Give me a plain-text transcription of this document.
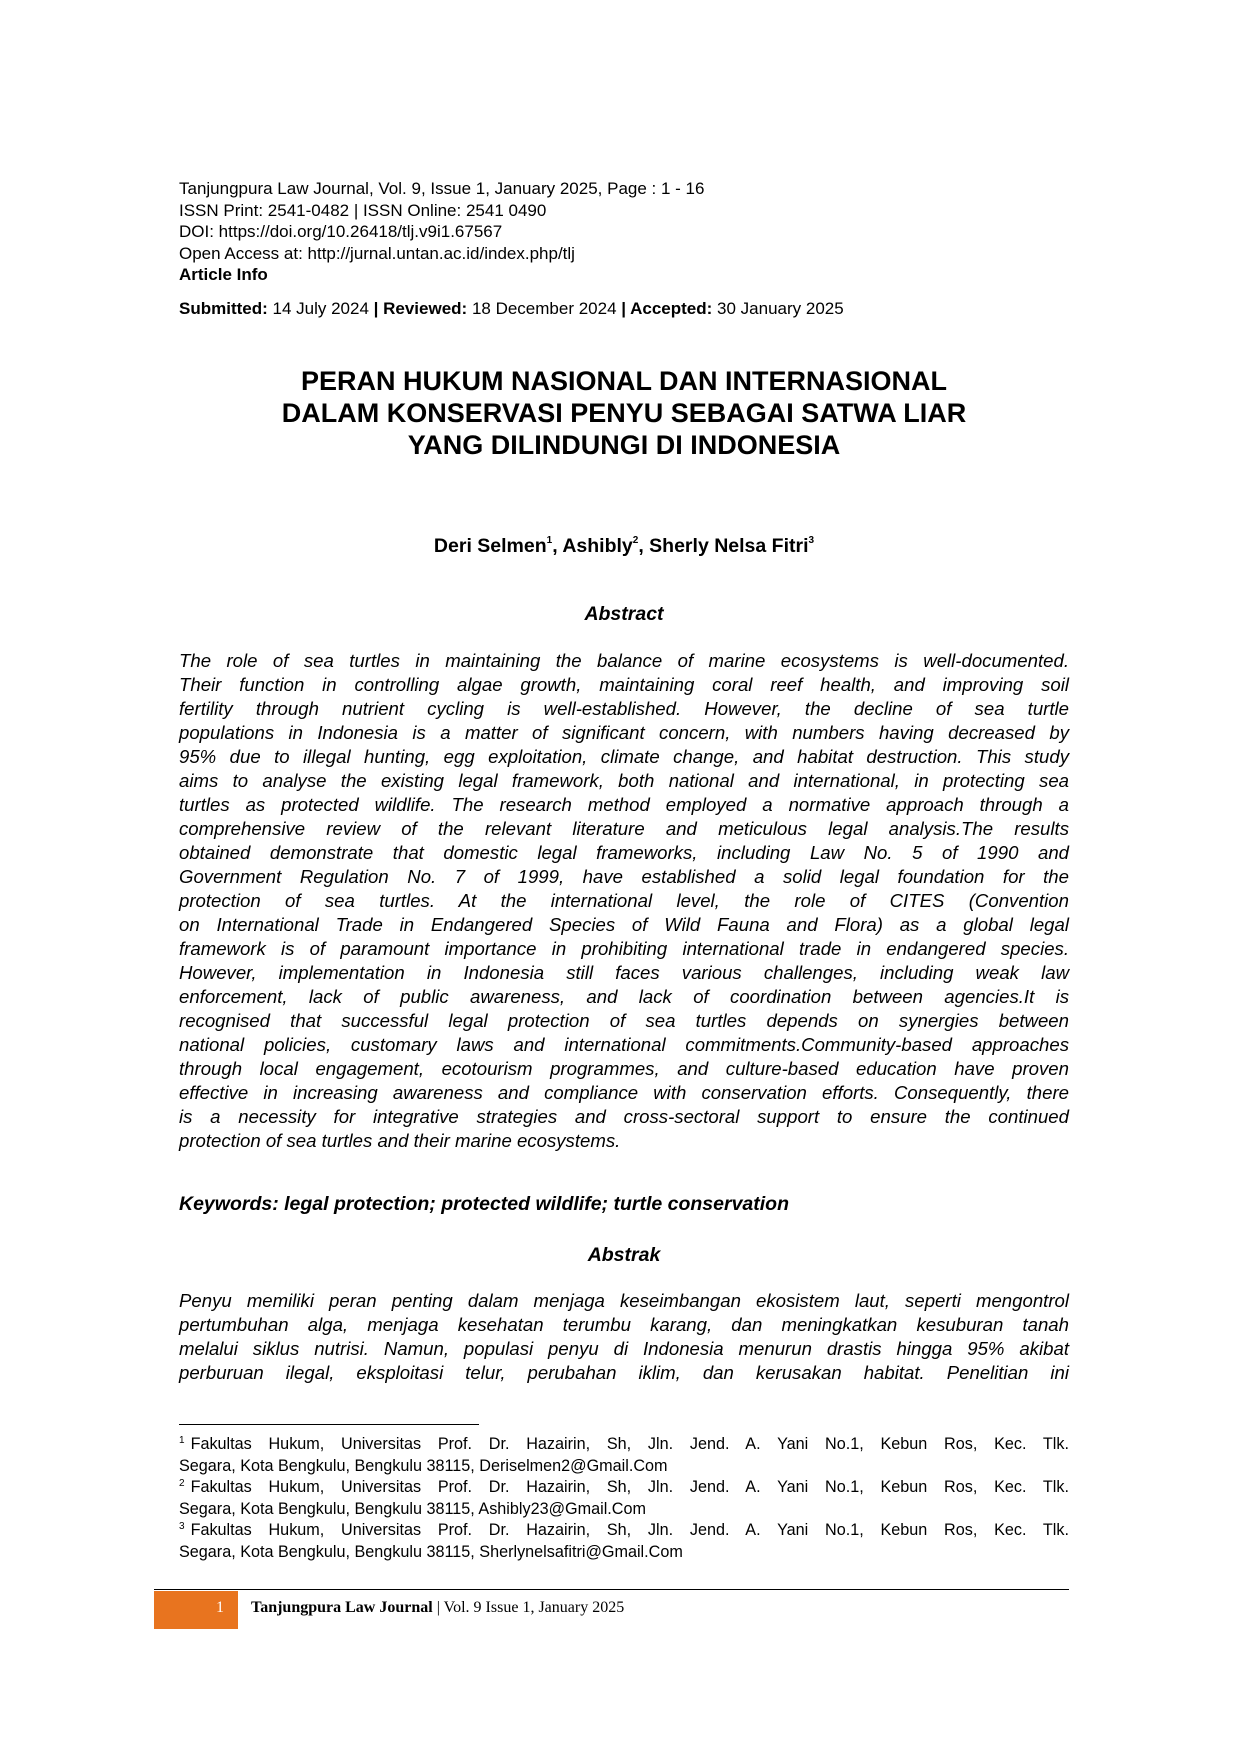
Tanjungpura Law Journal, Vol. 9, Issue 1, January 2025, Page : 1 - 16
ISSN Print: 2541-0482 | ISSN Online: 2541 0490
DOI: https://doi.org/10.26418/tlj.v9i1.67567
Open Access at: http://jurnal.untan.ac.id/index.php/tlj
Article Info
Submitted: 14 July 2024 | Reviewed: 18 December 2024 | Accepted: 30 January 2025
PERAN HUKUM NASIONAL DAN INTERNASIONAL
DALAM KONSERVASI PENYU SEBAGAI SATWA LIAR
YANG DILINDUNGI DI INDONESIA
Deri Selmen$^1$, Ashibly$^2$, Sherly Nelsa Fitri$^3$
Abstract
The role of sea turtles in maintaining the balance of marine ecosystems is well-documented.
Their function in controlling algae growth, maintaining coral reef health, and improving soil
fertility through nutrient cycling is well-established. However, the decline of sea turtle
populations in Indonesia is a matter of significant concern, with numbers having decreased by
95% due to illegal hunting, egg exploitation, climate change, and habitat destruction. This study
aims to analyse the existing legal framework, both national and international, in protecting sea
turtles as protected wildlife. The research method employed a normative approach through a
comprehensive review of the relevant literature and meticulous legal analysis.The results
obtained demonstrate that domestic legal frameworks, including Law No. 5 of 1990 and
Government Regulation No. 7 of 1999, have established a solid legal foundation for the
protection of sea turtles. At the international level, the role of CITES (Convention
on International Trade in Endangered Species of Wild Fauna and Flora) as a global legal
framework is of paramount importance in prohibiting international trade in endangered species.
However, implementation in Indonesia still faces various challenges, including weak law
enforcement, lack of public awareness, and lack of coordination between agencies.It is
recognised that successful legal protection of sea turtles depends on synergies between
national policies, customary laws and international commitments.Community-based approaches
through local engagement, ecotourism programmes, and culture-based education have proven
effective in increasing awareness and compliance with conservation efforts. Consequently, there
is a necessity for integrative strategies and cross-sectoral support to ensure the continued
protection of sea turtles and their marine ecosystems.
Keywords: legal protection; protected wildlife; turtle conservation
Abstrak
Penyu memiliki peran penting dalam menjaga keseimbangan ekosistem laut, seperti mengontrol
pertumbuhan alga, menjaga kesehatan terumbu karang, dan meningkatkan kesuburan tanah
melalui siklus nutrisi. Namun, populasi penyu di Indonesia menurun drastis hingga 95% akibat
perburuan ilegal, eksploitasi telur, perubahan iklim, dan kerusakan habitat. Penelitian ini
$^1$ Fakultas Hukum, Universitas Prof. Dr. Hazairin, Sh, Jln. Jend. A. Yani No.1, Kebun Ros, Kec. Tlk.
Segara, Kota Bengkulu, Bengkulu 38115, Deriselmen2@Gmail.Com
$^2$ Fakultas Hukum, Universitas Prof. Dr. Hazairin, Sh, Jln. Jend. A. Yani No.1, Kebun Ros, Kec. Tlk.
Segara, Kota Bengkulu, Bengkulu 38115, Ashibly23@Gmail.Com
$^3$ Fakultas Hukum, Universitas Prof. Dr. Hazairin, Sh, Jln. Jend. A. Yani No.1, Kebun Ros, Kec. Tlk.
Segara, Kota Bengkulu, Bengkulu 38115, Sherlynelsafitri@Gmail.Com
1 Tanjungpura Law Journal | Vol. 9 Issue 1, January 2025
